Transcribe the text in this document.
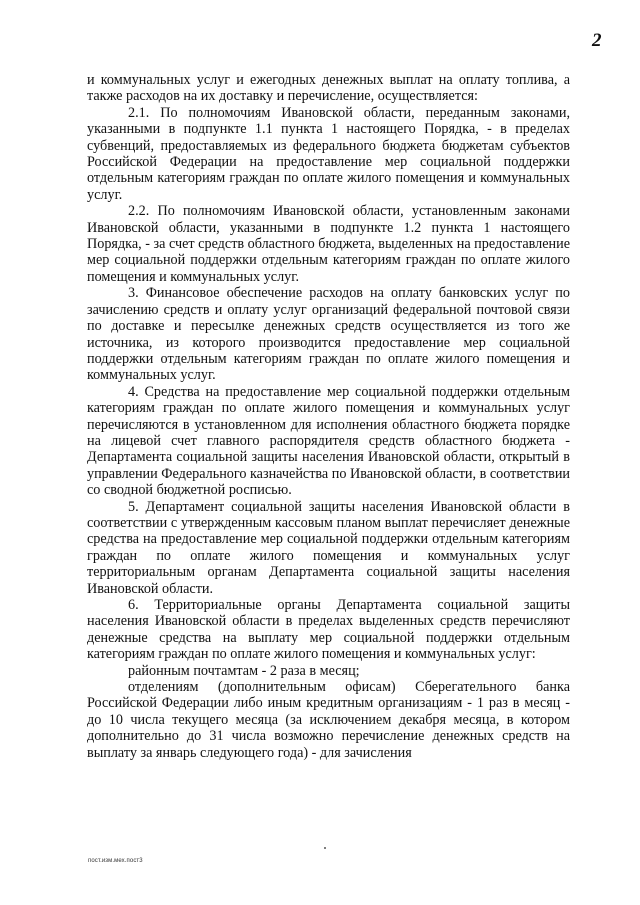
2

и коммунальных услуг и ежегодных денежных выплат на оплату топлива, а также расходов на их доставку и перечисление, осуществляется:

2.1. По полномочиям Ивановской области, переданным законами, указанными в подпункте 1.1 пункта 1 настоящего Порядка, - в пределах субвенций, предоставляемых из федерального бюджета бюджетам субъектов Российской Федерации на предоставление мер социальной поддержки отдельным категориям граждан по оплате жилого помещения и коммунальных услуг.

2.2. По полномочиям Ивановской области, установленным законами Ивановской области, указанными в подпункте 1.2 пункта 1 настоящего Порядка, - за счет средств областного бюджета, выделенных на предоставление мер социальной поддержки отдельным категориям граждан по оплате жилого помещения и коммунальных услуг.

3. Финансовое обеспечение расходов на оплату банковских услуг по зачислению средств и оплату услуг организаций федеральной почтовой связи по доставке и пересылке денежных средств осуществляется из того же источника, из которого производится предоставление мер социальной поддержки отдельным категориям граждан по оплате жилого помещения и коммунальных услуг.

4. Средства на предоставление мер социальной поддержки отдельным категориям граждан по оплате жилого помещения и коммунальных услуг перечисляются в установленном для исполнения областного бюджета порядке на лицевой счет главного распорядителя средств областного бюджета - Департамента социальной защиты населения Ивановской области, открытый в управлении Федерального казначейства по Ивановской области, в соответствии со сводной бюджетной росписью.

5. Департамент социальной защиты населения Ивановской области в соответствии с утвержденным кассовым планом выплат перечисляет денежные средства на предоставление мер социальной поддержки отдельным категориям граждан по оплате жилого помещения и коммунальных услуг территориальным органам Департамента социальной защиты населения Ивановской области.

6. Территориальные органы Департамента социальной защиты населения Ивановской области в пределах выделенных средств перечисляют денежные средства на выплату мер социальной поддержки отдельным категориям граждан по оплате жилого помещения и коммунальных услуг:

районным почтамтам - 2 раза в месяц;

отделениям (дополнительным офисам) Сберегательного банка Российской Федерации либо иным кредитным организациям - 1 раз в месяц - до 10 числа текущего месяца (за исключением декабря месяца, в котором дополнительно до 31 числа возможно перечисление денежных средств на выплату за январь следующего года) - для зачисления

пост.изм.мех.пост3
